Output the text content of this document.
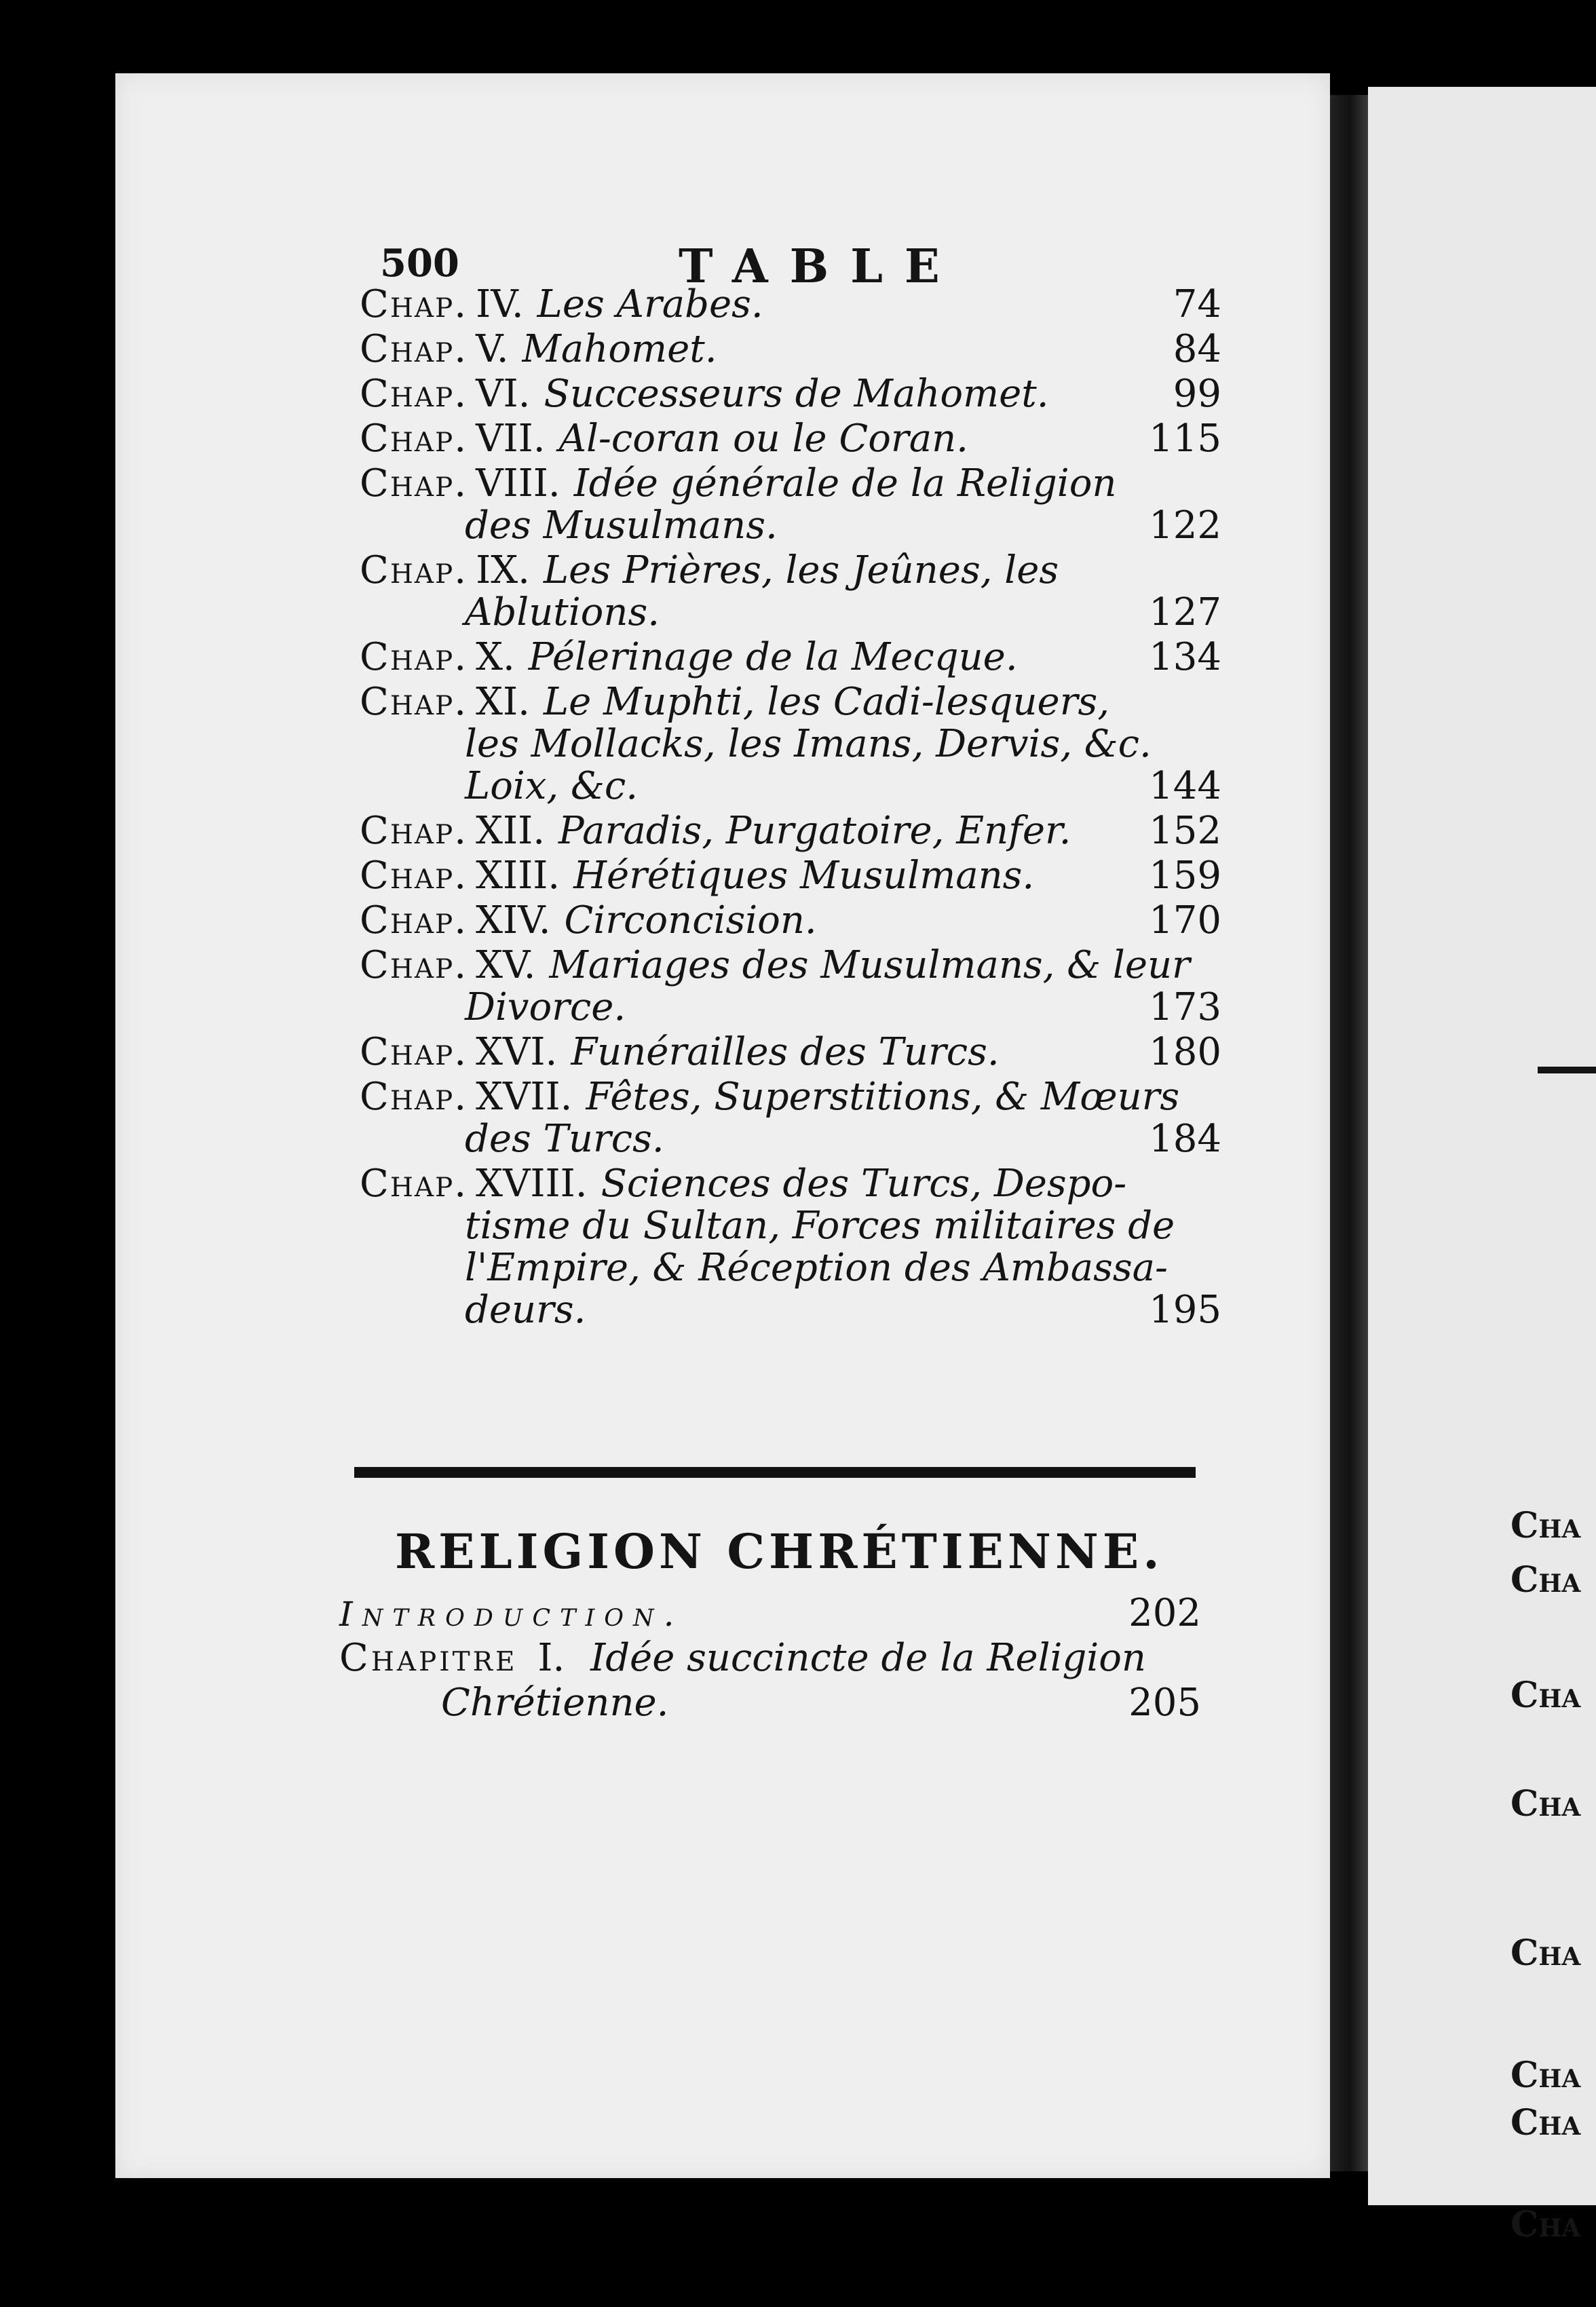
Cha
Cha
Cha
Cha
Cha
Cha
Cha
Cha
500	TABLE
Chap. IV. Les Arabes.	74
Chap. V. Mahomet.	84
Chap. VI. Successeurs de Mahomet.	99
Chap. VII. Al-coran ou le Coran.	115
Chap. VIII. Idée générale de la Religion
des Musulmans.	122
Chap. IX. Les Prières, les Jeûnes, les
Ablutions.	127
Chap. X. Pélerinage de la Mecque.	134
Chap. XI. Le Muphti, les Cadi-lesquers,
les Mollacks, les Imans, Dervis, &c.
Loix, &c.	144
Chap. XII. Paradis, Purgatoire, Enfer. 152
Chap. XIII. Hérétiques Musulmans.	159
Chap. XIV. Circoncision.	170
Chap. XV. Mariages des Musulmans, & leur
Divorce.	173
Chap. XVI. Funérailles des Turcs.	180
Chap. XVII. Fêtes, Superstitions, & Mœurs
des Turcs.	184
Chap. XVIII. Sciences des Turcs, Despo-
tisme du Sultan, Forces militaires de
l'Empire, & Réception des Ambassa-
deurs.	195
RELIGION CHRÉTIENNE.
Introduction.	202
Chapitre I. Idée succincte de la Religion
Chrétienne.	205
